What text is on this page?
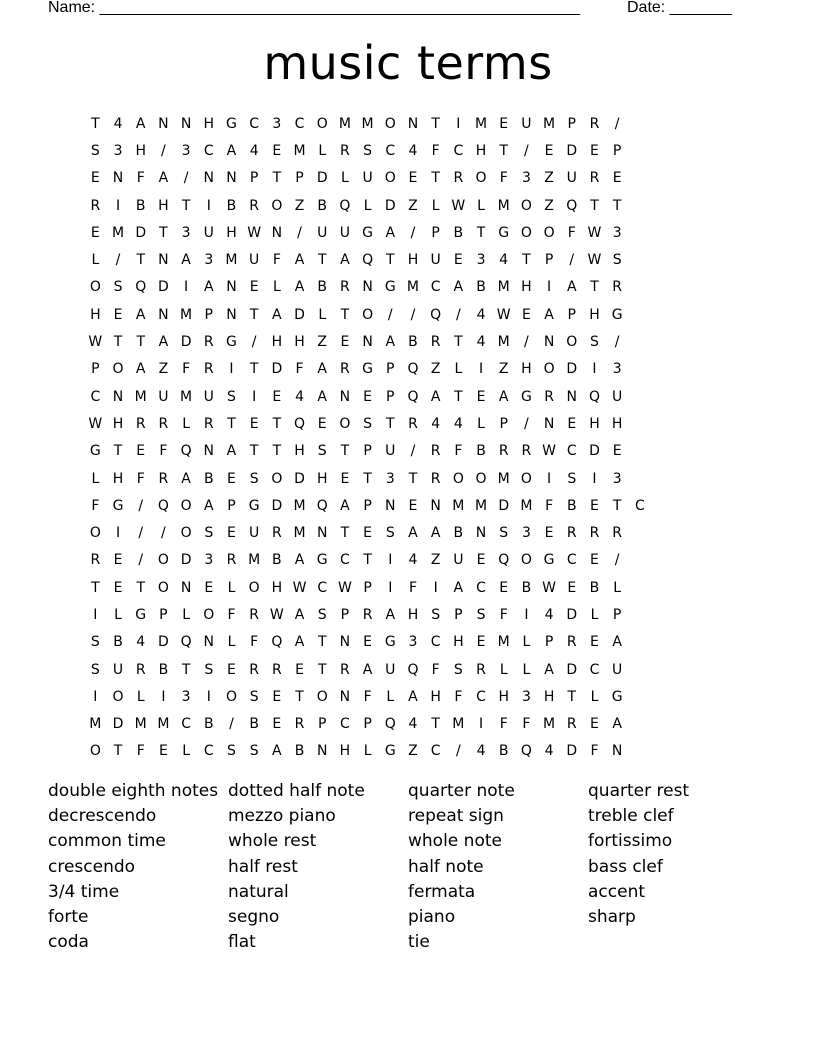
Name: ______________________________________________________

	Date: _______

music terms
T 4 A N N H G C 3 C O M M O N T	I	M E U M P R	/
S 3 H	/	3 C A 4 E M L R S C 4	F C H T	/	E D E	P
E N F A	/	N N P	T	P D L U O E T R O F	3 Z U R E
R	I	B H T	I	B R O Z B Q L D Z L W L M O Z Q T	T
E M D T 3 U H W N	/	U U G A	/	P B T G O O F W 3
L	/	T N A 3 M U F A T A Q T H U E 3 4 T	P	/ W S
O S Q D	I	A N E	L A B R N G M C A B M H	I	A T R
H E A N M P N T A D L	T O	/	/	Q	/	4 W E A P H G
W T	T A D R G	/	H H Z E N A B R T 4 M	/	N O S	/
P O A Z F R	I	T D F A R G P Q Z L	I	Z H O D	I	3
C N M U M U S	I	E 4 A N E	P Q A T E A G R N Q U
W H R R L R T E T Q E O S T R 4 4	L	P	/	N E H H
G T E	F Q N A T	T H S T	P U	/	R F B R R W C D E
L H F R A B E S O D H E T 3 T R O O M O	I	S	I	3
F G	/	Q O A P G D M Q A P N E N M M D M F B E T C
O	I	/	/	O S E U R M N T E S A A B N S 3 E R R R
R E	/	O D 3 R M B A G C T	I	4 Z U E Q O G C E	/
T E T O N E	L O H W C W P	I	F	I	A C E B W E B L
I	L G P	L O F R W A S	P R A H S	P	S	F	I	4 D L	P
S B 4 D Q N L	F Q A T N E G 3 C H E M L	P R E A
S U R B T S E R R E T R A U Q F	S R L	L A D C U
I	O L	I	3	I	O S E T O N F	L A H F C H 3 H T	L G
M D M M C B	/	B E R P C P Q 4 T M	I	F	F M R E A
O T	F	E	L C S S A B N H L G Z C	/	4 B Q 4 D F N
double eighth notes
decrescendo
common time
crescendo
3/4 time
forte
coda
dotted half note
mezzo piano
whole rest
half rest
natural
segno
flat
quarter note
repeat sign
whole note
half note
fermata
piano
tie
quarter rest
treble clef
fortissimo
bass clef
accent
sharp
